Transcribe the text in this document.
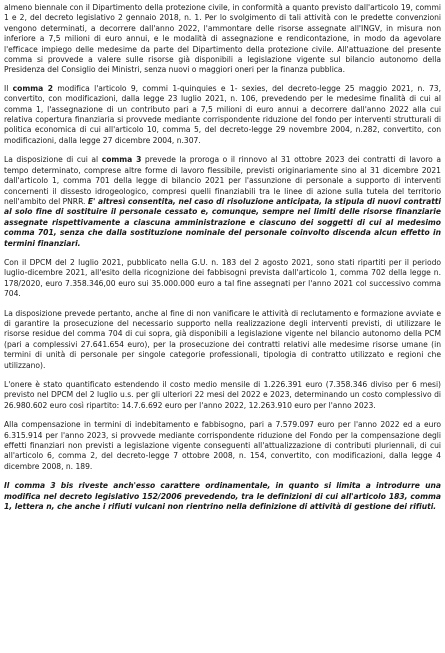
almeno biennale con il Dipartimento della protezione civile, in conformità a quanto previsto dall'articolo 19, commi 1 e 2, del decreto legislativo 2 gennaio 2018, n. 1. Per lo svolgimento di tali attività con le predette convenzioni vengono determinati, a decorrere dall'anno 2022, l'ammontare delle risorse assegnate all'INGV, in misura non inferiore a 7,5 milioni di euro annui, e le modalità di assegnazione e rendicontazione, in modo da agevolare l'efficace impiego delle medesime da parte del Dipartimento della protezione civile. All'attuazione del presente comma si provvede a valere sulle risorse già disponibili a legislazione vigente sul bilancio autonomo della Presidenza del Consiglio dei Ministri, senza nuovi o maggiori oneri per la finanza pubblica.

Il comma 2 modifica l'articolo 9, commi 1-quinquies e 1- sexies, del decreto-legge 25 maggio 2021, n. 73, convertito, con modificazioni, dalla legge 23 luglio 2021, n. 106, prevedendo per le medesime finalità di cui al comma 1, l'assegnazione di un contributo pari a 7,5 milioni di euro annui a decorrere dall'anno 2022 alla cui relativa copertura finanziaria si provvede mediante corrispondente riduzione del fondo per interventi strutturali di politica economica di cui all'articolo 10, comma 5, del decreto-legge 29 novembre 2004, n.282, convertito, con modificazioni, dalla legge 27 dicembre 2004, n.307.

La disposizione di cui al comma 3 prevede la proroga o il rinnovo al 31 ottobre 2023 dei contratti di lavoro a tempo determinato, comprese altre forme di lavoro flessibile, previsti originariamente sino al 31 dicembre 2021 dall'articolo 1, comma 701 della legge di bilancio 2021 per l'assunzione di personale a supporto di interventi concernenti il dissesto idrogeologico, compresi quelli finanziabili tra le linee di azione sulla tutela del territorio nell'ambito del PNRR. E' altresì consentita, nel caso di risoluzione anticipata, la stipula di nuovi contratti al solo fine di sostituire il personale cessato e, comunque, sempre nei limiti delle risorse finanziarie assegnate rispettivamente a ciascuna amministrazione e ciascuno dei soggetti di cui al medesimo comma 701, senza che dalla sostituzione nominale del personale coinvolto discenda alcun effetto in termini finanziari.

Con il DPCM del 2 luglio 2021, pubblicato nella G.U. n. 183 del 2 agosto 2021, sono stati ripartiti per il periodo luglio-dicembre 2021, all'esito della ricognizione dei fabbisogni prevista dall'articolo 1, comma 702 della legge n. 178/2020, euro 7.358.346,00 euro sui 35.000.000 euro a tal fine assegnati per l'anno 2021 col successivo comma 704.

La disposizione prevede pertanto, anche al fine di non vanificare le attività di reclutamento e formazione avviate e di garantire la prosecuzione del necessario supporto nella realizzazione degli interventi previsti, di utilizzare le risorse residue del comma 704 di cui sopra, già disponibili a legislazione vigente nel bilancio autonomo della PCM (pari a complessivi 27.641.654 euro), per la prosecuzione dei contratti relativi alle medesime risorse umane (in termini di unità di personale per singole categorie professionali, tipologia di contratto utilizzato e regioni che utilizzano).

L'onere è stato quantificato estendendo il costo medio mensile di 1.226.391 euro (7.358.346 diviso per 6 mesi) previsto nel DPCM del 2 luglio u.s. per gli ulteriori 22 mesi del 2022 e 2023, determinando un costo complessivo di 26.980.602 euro così ripartito: 14.7.6.692 euro per l'anno 2022, 12.263.910 euro per l'anno 2023.

Alla compensazione in termini di indebitamento e fabbisogno, pari a 7.579.097 euro per l'anno 2022 ed a euro 6.315.914 per l'anno 2023, si provvede mediante corrispondente riduzione del Fondo per la compensazione degli effetti finanziari non previsti a legislazione vigente conseguenti all'attualizzazione di contributi pluriennali, di cui all'articolo 6, comma 2, del decreto-legge 7 ottobre 2008, n. 154, convertito, con modificazioni, dalla legge 4 dicembre 2008, n. 189.

Il comma 3 bis riveste anch'esso carattere ordinamentale, in quanto si limita a introdurre una modifica nel decreto legislativo 152/2006 prevedendo, tra le definizioni di cui all'articolo 183, comma 1, lettera n, che anche i rifiuti vulcani non rientrino nella definizione di attività di gestione dei rifiuti.
